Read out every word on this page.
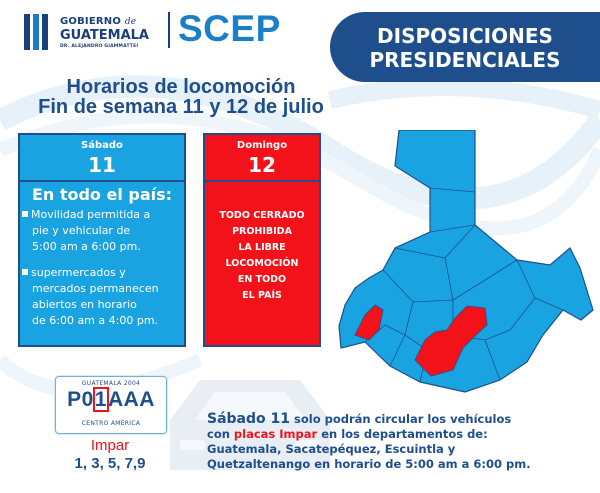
GOBIERNO de
GUATEMALA
DR. ALEJANDRO GIAMMATTEI SCEP	DISPOSICIONES
PRESIDENCIALES
Horarios de locomoción
Fin de semana 11 y 12 de julio
Sábado
11
En todo el país:
Movilidad permitida a
pie y vehicular de
5:00 am a 6:00 pm.
supermercados y
mercados permanecen
abiertos en horario
de 6:00 am a 4:00 pm.
Domingo
12
TODO CERRADO
PROHIBIDA
LA LIBRE
LOCOMOCIÓN
EN TODO
EL PAÍS
GUATEMALA 2004
P01AAA
CENTRO AMÉRICA
Impar
1, 3, 5, 7,9
Sábado 11 solo podrán circular los vehículos
con placas Impar en los departamentos de:
Guatemala, Sacatepéquez, Escuintla y
Quetzaltenango en horario de 5:00 am a 6:00 pm.
